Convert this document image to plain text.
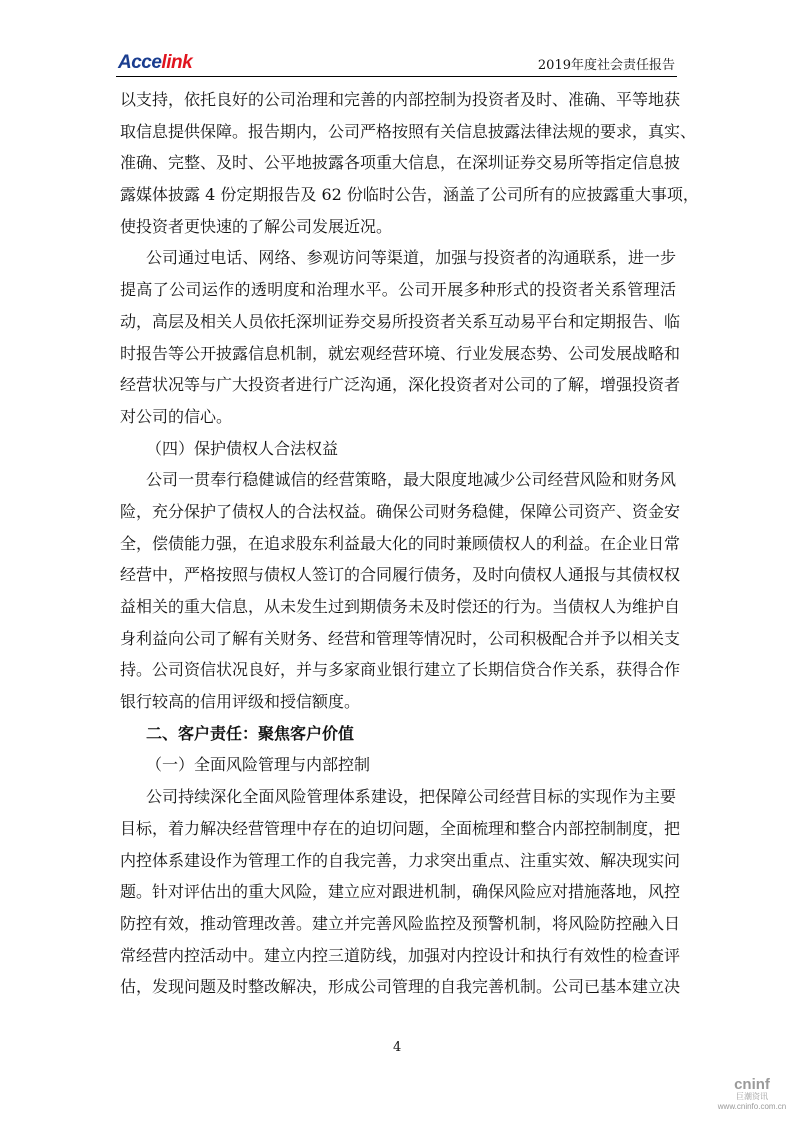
Accelink	2019年度社会责任报告
以支持，依托良好的公司治理和完善的内部控制为投资者及时、准确、平等地获
取信息提供保障。报告期内，公司严格按照有关信息披露法律法规的要求，真实、
准确、完整、及时、公平地披露各项重大信息，在深圳证券交易所等指定信息披
露媒体披露 4 份定期报告及 62 份临时公告，涵盖了公司所有的应披露重大事项，
使投资者更快速的了解公司发展近况。
公司通过电话、网络、参观访问等渠道，加强与投资者的沟通联系，进一步
提高了公司运作的透明度和治理水平。公司开展多种形式的投资者关系管理活
动，高层及相关人员依托深圳证券交易所投资者关系互动易平台和定期报告、临
时报告等公开披露信息机制，就宏观经营环境、行业发展态势、公司发展战略和
经营状况等与广大投资者进行广泛沟通，深化投资者对公司的了解，增强投资者
对公司的信心。
（四）保护债权人合法权益
公司一贯奉行稳健诚信的经营策略，最大限度地减少公司经营风险和财务风
险，充分保护了债权人的合法权益。确保公司财务稳健，保障公司资产、资金安
全，偿债能力强，在追求股东利益最大化的同时兼顾债权人的利益。在企业日常
经营中，严格按照与债权人签订的合同履行债务，及时向债权人通报与其债权权
益相关的重大信息，从未发生过到期债务未及时偿还的行为。当债权人为维护自
身利益向公司了解有关财务、经营和管理等情况时，公司积极配合并予以相关支
持。公司资信状况良好，并与多家商业银行建立了长期信贷合作关系，获得合作
银行较高的信用评级和授信额度。
二、客户责任：聚焦客户价值
（一）全面风险管理与内部控制
公司持续深化全面风险管理体系建设，把保障公司经营目标的实现作为主要
目标，着力解决经营管理中存在的迫切问题，全面梳理和整合内部控制制度，把
内控体系建设作为管理工作的自我完善，力求突出重点、注重实效、解决现实问
题。针对评估出的重大风险，建立应对跟进机制，确保风险应对措施落地，风控
防控有效，推动管理改善。建立并完善风险监控及预警机制，将风险防控融入日
常经营内控活动中。建立内控三道防线，加强对内控设计和执行有效性的检查评
估，发现问题及时整改解决，形成公司管理的自我完善机制。公司已基本建立决
4
cninf
巨潮资讯
www.cninfo.com.cn
